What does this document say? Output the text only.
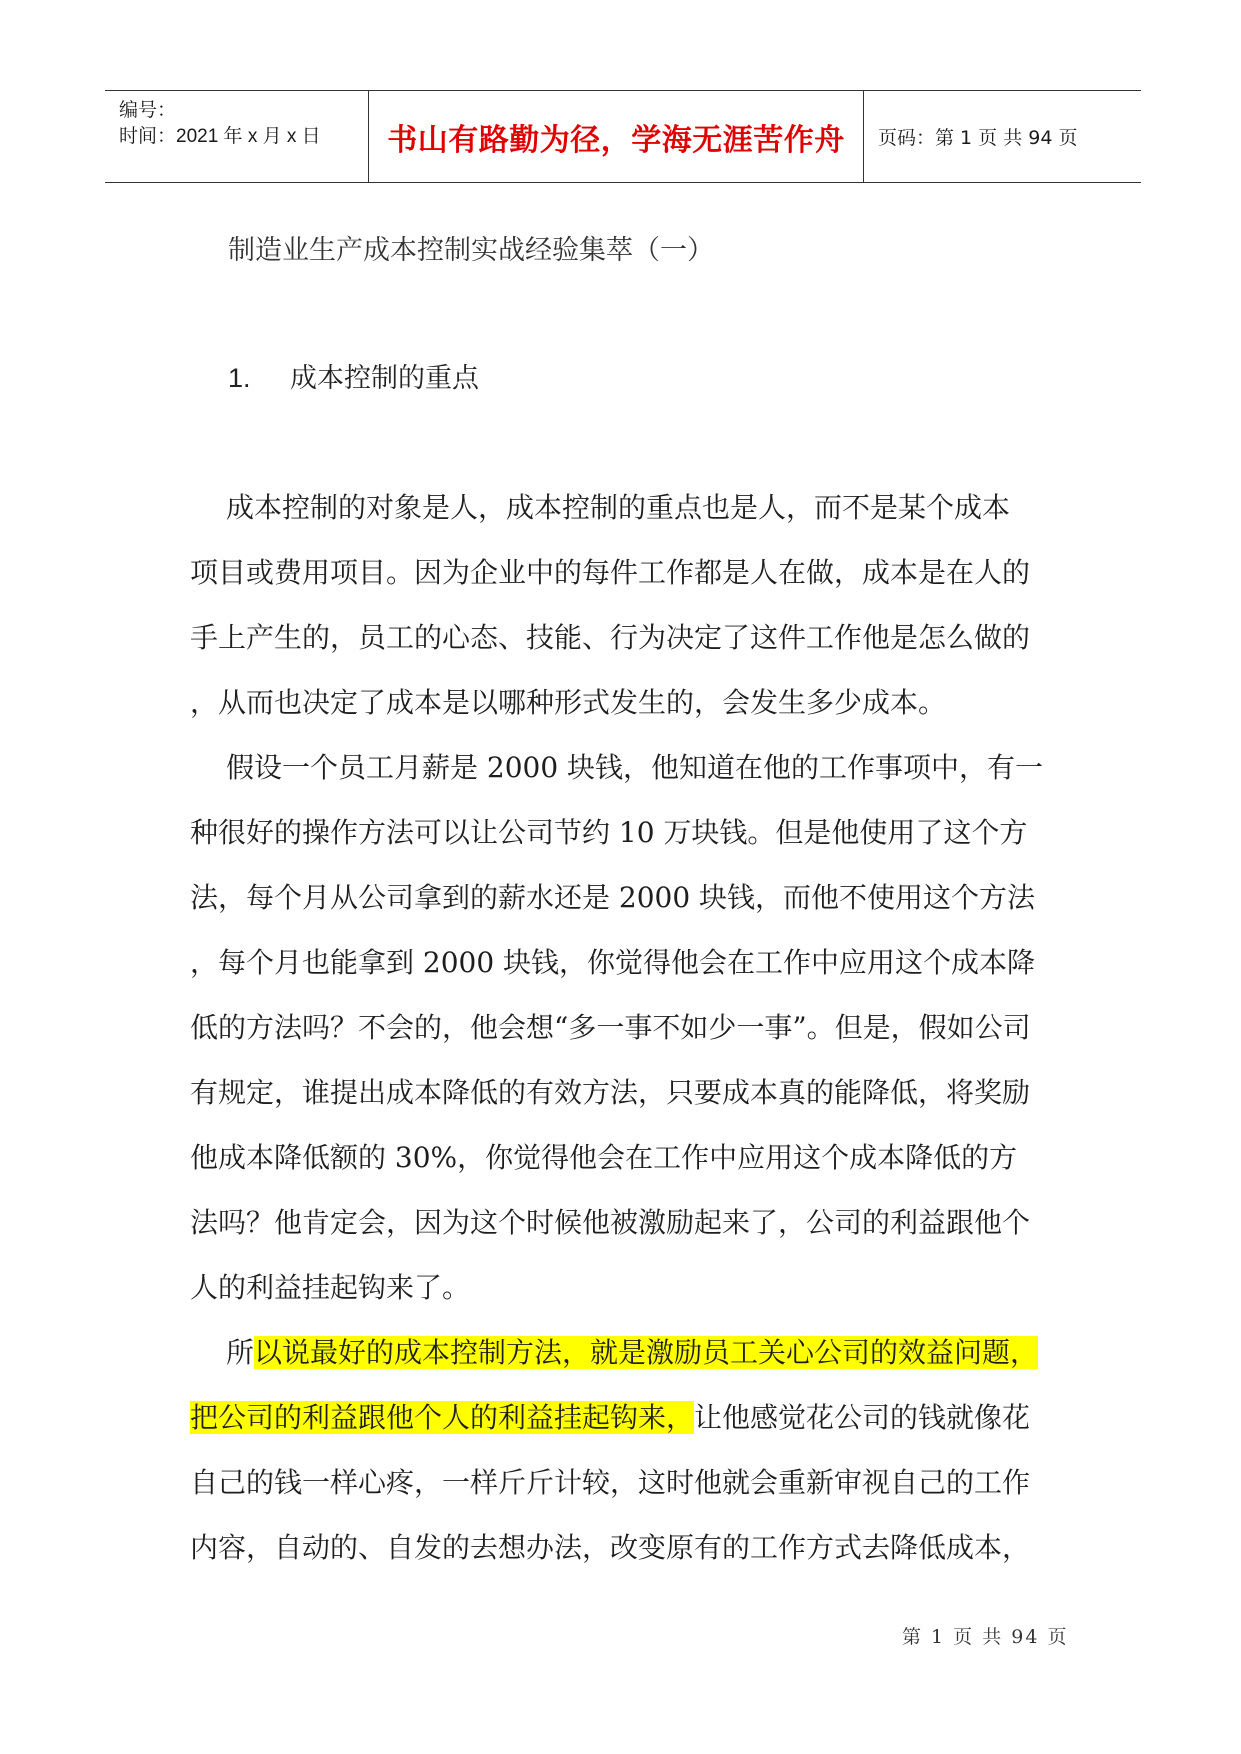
编号：
时间：2021 年 x 月 x 日	书山有路勤为径，学海无涯苦作舟	页码：第 1 页 共 94 页
制造业生产成本控制实战经验集萃（一）
1. 成本控制的重点

成本控制的对象是人，成本控制的重点也是人，而不是某个成本

项目或费用项目。因为企业中的每件工作都是人在做，成本是在人的

手上产生的，员工的心态、技能、行为决定了这件工作他是怎么做的

，从而也决定了成本是以哪种形式发生的，会发生多少成本。

假设一个员工月薪是 2000 块钱，他知道在他的工作事项中，有一

种很好的操作方法可以让公司节约 10 万块钱。但是他使用了这个方

法，每个月从公司拿到的薪水还是 2000 块钱，而他不使用这个方法

，每个月也能拿到 2000 块钱，你觉得他会在工作中应用这个成本降

低的方法吗？不会的，他会想“多一事不如少一事”。但是，假如公司

有规定，谁提出成本降低的有效方法，只要成本真的能降低，将奖励

他成本降低额的 30%，你觉得他会在工作中应用这个成本降低的方

法吗？他肯定会，因为这个时候他被激励起来了，公司的利益跟他个

人的利益挂起钩来了。

所以说最好的成本控制方法，就是激励员工关心公司的效益问题，

把公司的利益跟他个人的利益挂起钩来，让他感觉花公司的钱就像花

自己的钱一样心疼，一样斤斤计较，这时他就会重新审视自己的工作

内容，自动的、自发的去想办法，改变原有的工作方式去降低成本，

第 1 页 共 94 页
